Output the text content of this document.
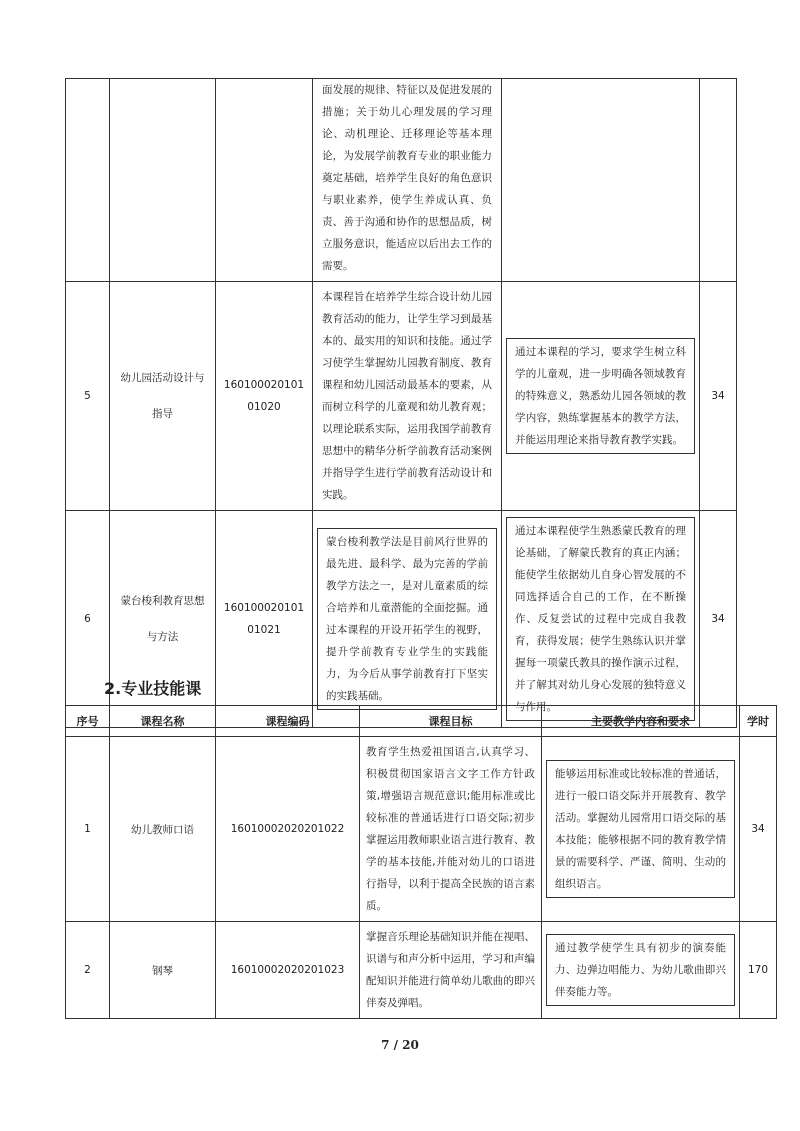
			面发展的规律、特征以及促进发展的措施；关于幼儿心理发展的学习理论、动机理论、迁移理论等基本理论，为发展学前教育专业的职业能力奠定基础，培养学生良好的角色意识与职业素养，使学生养成认真、负责、善于沟通和协作的思想品质，树立服务意识，能适应以后出去工作的需要。		
5	幼儿园活动设计与指导	16010002010101020	本课程旨在培养学生综合设计幼儿园教育活动的能力，让学生学习到最基本的、最实用的知识和技能。通过学习使学生掌握幼儿园教育制度、教育课程和幼儿园活动最基本的要素，从而树立科学的儿童观和幼儿教育观；以理论联系实际，运用我国学前教育思想中的精华分析学前教育活动案例并指导学生进行学前教育活动设计和实践。	通过本课程的学习，要求学生树立科学的儿童观，进一步明确各领域教育的特殊意义，熟悉幼儿园各领域的教学内容，熟练掌握基本的教学方法，并能运用理论来指导教育教学实践。	34
6	蒙台梭利教育思想与方法	16010002010101021	蒙台梭利教学法是目前风行世界的最先进、最科学、最为完善的学前教学方法之一，是对儿童素质的综合培养和儿童潜能的全面挖掘。通过本课程的开设开拓学生的视野，提升学前教育专业学生的实践能力，为今后从事学前教育打下坚实的实践基础。	通过本课程使学生熟悉蒙氏教育的理论基础，了解蒙氏教育的真正内涵；能使学生依据幼儿自身心智发展的不同选择适合自己的工作，在不断操作、反复尝试的过程中完成自我教育，获得发展；使学生熟练认识并掌握每一项蒙氏教具的操作演示过程，并了解其对幼儿身心发展的独特意义与作用。	34
2.专业技能课
序号	课程名称	课程编码	课程目标	主要教学内容和要求	学时
1	幼儿教师口语	16010002020201022	教育学生热爱祖国语言,认真学习、积极贯彻国家语言文字工作方针政策,增强语言规范意识;能用标准或比较标准的普通话进行口语交际;初步掌握运用教师职业语言进行教育、教学的基本技能,并能对幼儿的口语进行指导，以利于提高全民族的语言素质。	能够运用标准或比较标准的普通话，进行一般口语交际并开展教育、教学活动。掌握幼儿园常用口语交际的基本技能；能够根据不同的教育教学情景的需要科学、严谨、简明、生动的组织语言。	34
2	钢琴	16010002020201023	掌握音乐理论基础知识并能在视唱、识谱与和声分析中运用，学习和声编配知识并能进行简单幼儿歌曲的即兴伴奏及弹唱。	通过教学使学生具有初步的演奏能力、边弹边唱能力、为幼儿歌曲即兴伴奏能力等。	170
7 / 20
